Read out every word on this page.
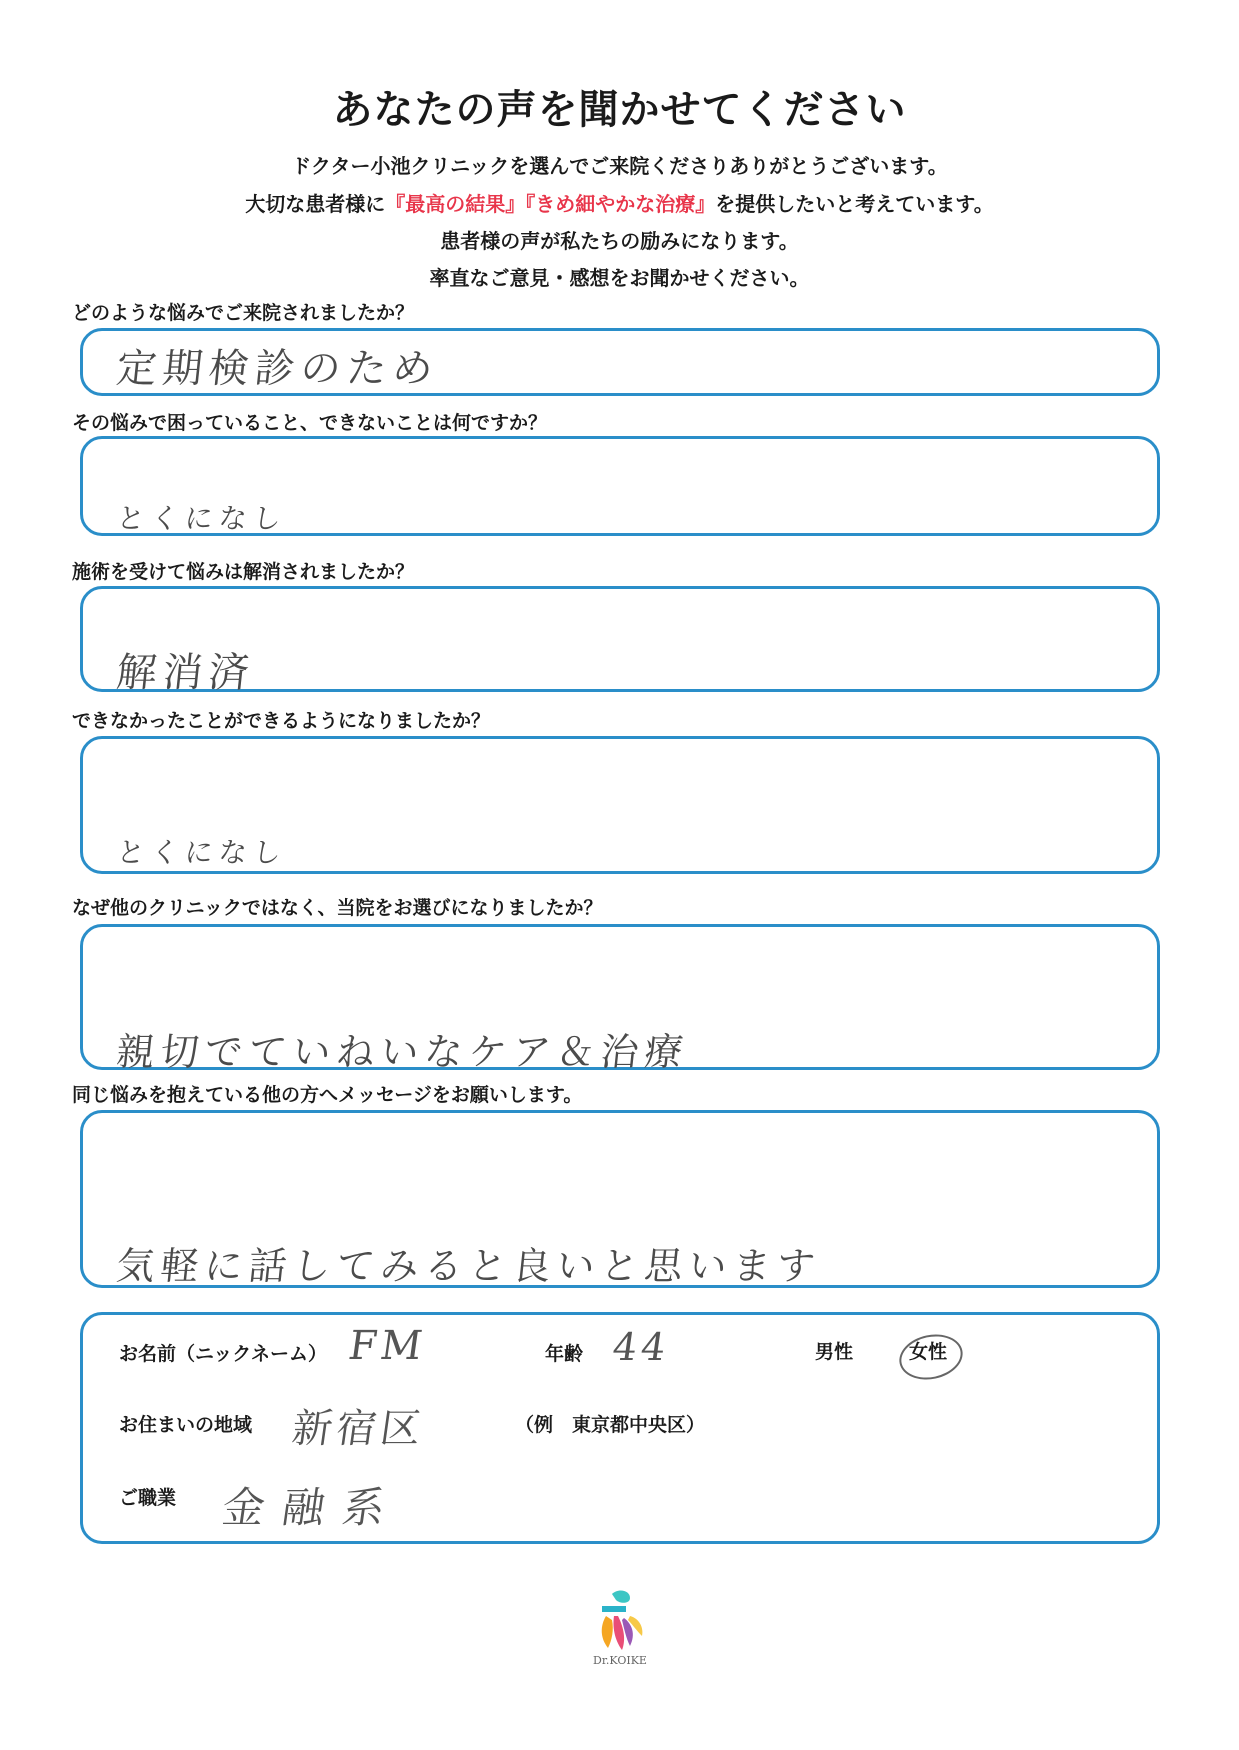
あなたの声を聞かせてください
ドクター小池クリニックを選んでご来院くださりありがとうございます。
大切な患者様に『最高の結果』『きめ細やかな治療』を提供したいと考えています。
患者様の声が私たちの励みになります。
率直なご意見・感想をお聞かせください。
どのような悩みでご来院されましたか？
定期検診のため
その悩みで困っていること、できないことは何ですか？
とくになし
施術を受けて悩みは解消されましたか？
解消済
できなかったことができるようになりましたか？
とくになし
なぜ他のクリニックではなく、当院をお選びになりましたか？
親切でていねいなケア＆治療
同じ悩みを抱えている他の方へメッセージをお願いします。
気軽に話してみると良いと思います
お名前（ニックネーム） FM	年齢 44	男性	女性
お住まいの地域 新宿区	（例　東京都中央区）
ご職業 金融系
Dr.KOIKE
